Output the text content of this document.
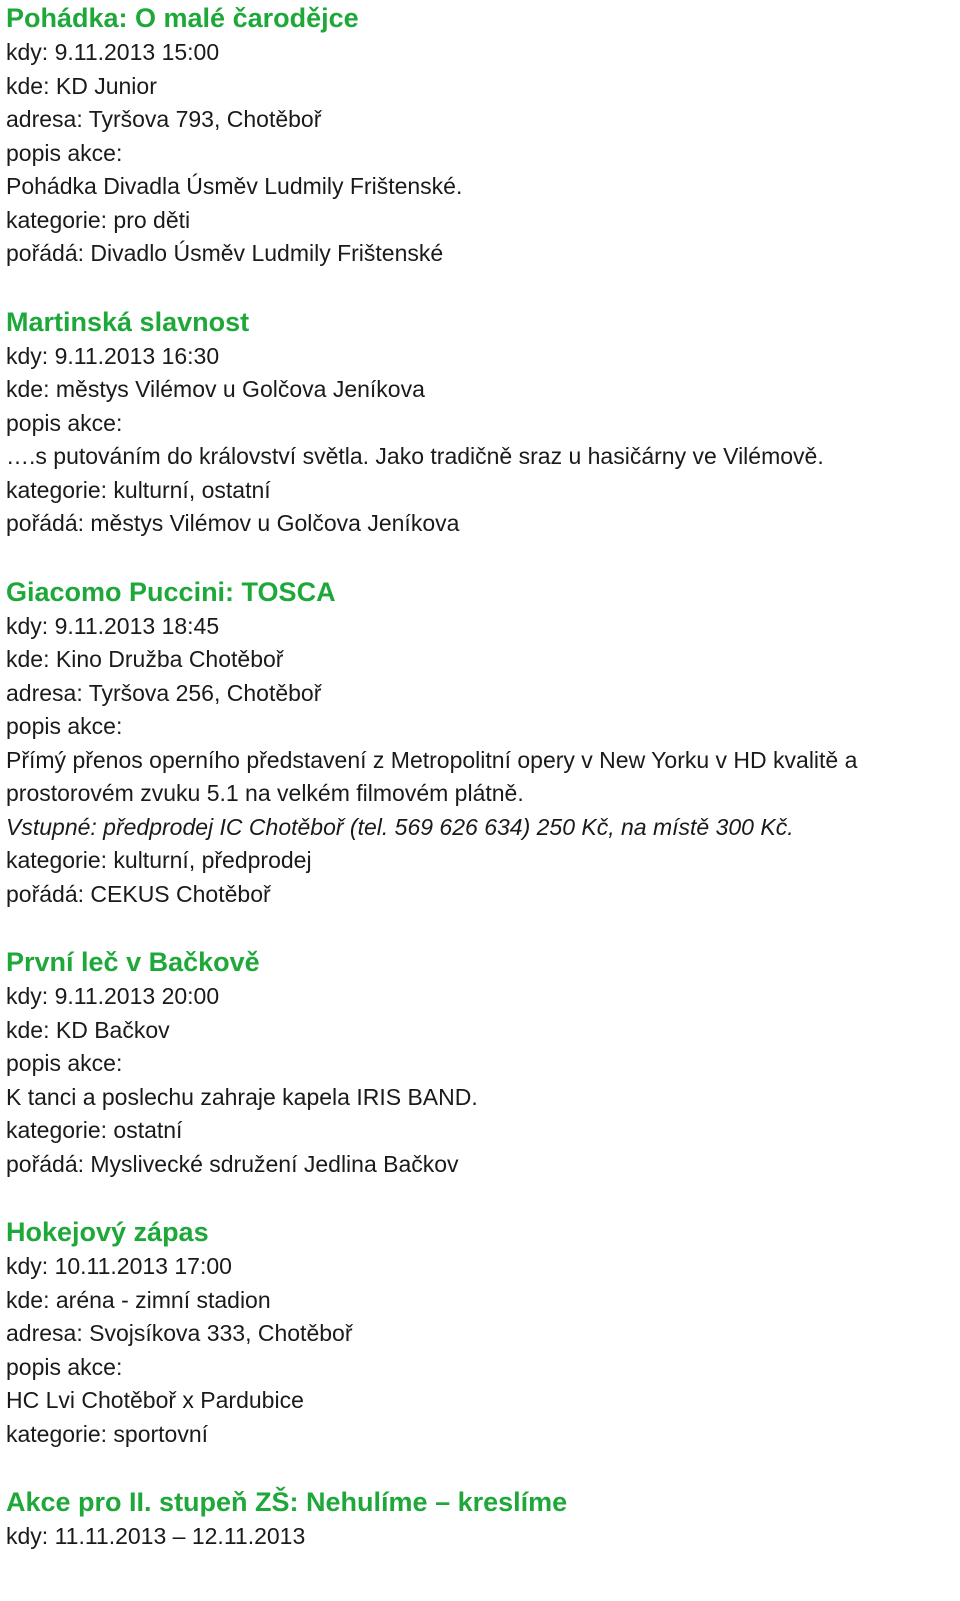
Pohádka: O malé čarodějce

kdy: 9.11.2013 15:00

kde: KD Junior

adresa: Tyršova 793, Chotěboř

popis akce:

Pohádka Divadla Úsměv Ludmily Frištenské.

kategorie: pro děti

pořádá: Divadlo Úsměv Ludmily Frištenské

Martinská slavnost

kdy: 9.11.2013 16:30

kde: městys Vilémov u Golčova Jeníkova

popis akce:

….s putováním do království světla. Jako tradičně sraz u hasičárny ve Vilémově.

kategorie: kulturní, ostatní

pořádá: městys Vilémov u Golčova Jeníkova

Giacomo Puccini: TOSCA

kdy: 9.11.2013 18:45

kde: Kino Družba Chotěboř

adresa: Tyršova 256, Chotěboř

popis akce:

Přímý přenos operního představení z Metropolitní opery v New Yorku v HD kvalitě a prostorovém zvuku 5.1 na velkém filmovém plátně.

Vstupné: předprodej IC Chotěboř (tel. 569 626 634) 250 Kč, na místě 300 Kč.

kategorie: kulturní, předprodej

pořádá: CEKUS Chotěboř

První leč v Bačkově

kdy: 9.11.2013 20:00

kde: KD Bačkov

popis akce:

K tanci a poslechu zahraje kapela IRIS BAND.

kategorie: ostatní

pořádá: Myslivecké sdružení Jedlina Bačkov

Hokejový zápas

kdy: 10.11.2013 17:00

kde: aréna - zimní stadion

adresa: Svojsíkova 333, Chotěboř

popis akce:

HC Lvi Chotěboř x Pardubice

kategorie: sportovní

Akce pro II. stupeň ZŠ: Nehulíme – kreslíme

kdy: 11.11.2013 – 12.11.2013
